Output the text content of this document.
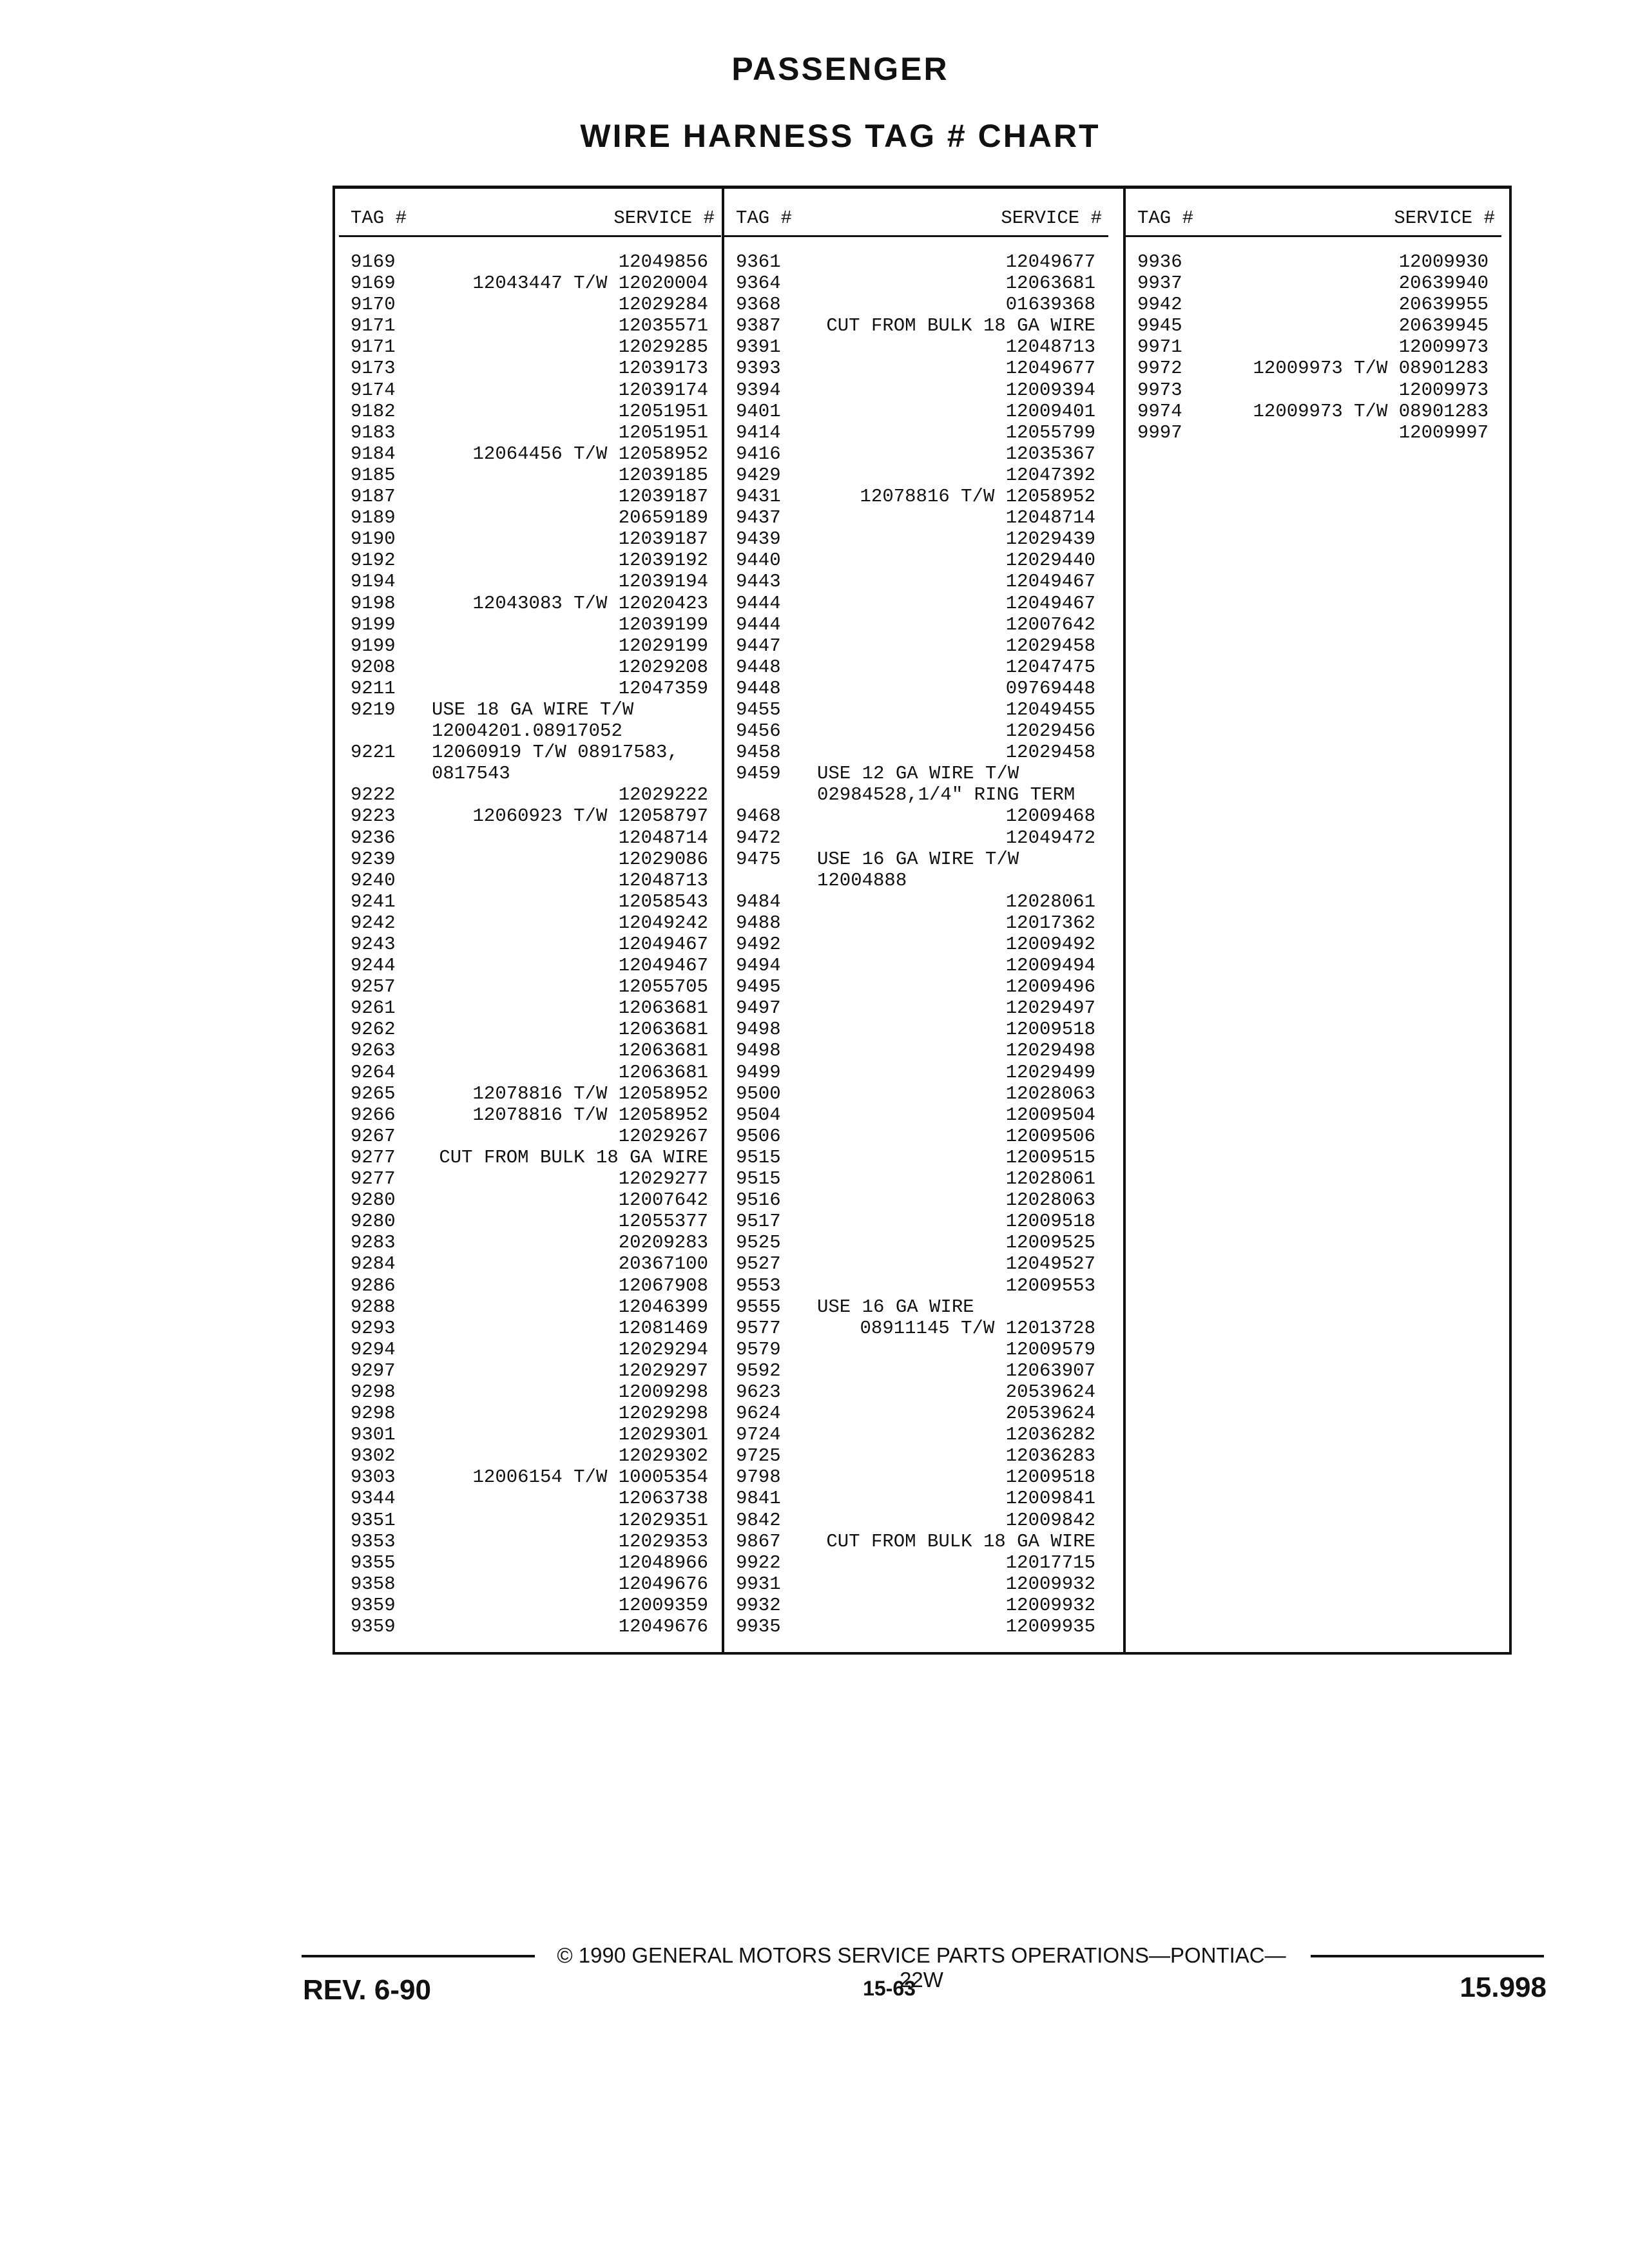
PASSENGER
WIRE HARNESS TAG # CHART
TAG #	SERVICE #
9169	12049856
9169	12043447 T/W 12020004
9170	12029284
9171	12035571
9171	12029285
9173	12039173
9174	12039174
9182	12051951
9183	12051951
9184	12064456 T/W 12058952
9185	12039185
9187	12039187
9189	20659189
9190	12039187
9192	12039192
9194	12039194
9198	12043083 T/W 12020423
9199	12039199
9199	12029199
9208	12029208
9211	12047359
9219 USE 18 GA WIRE T/W
12004201.08917052
9221 12060919 T/W 08917583,
0817543
9222	12029222
9223	12060923 T/W 12058797
9236	12048714
9239	12029086
9240	12048713
9241	12058543
9242	12049242
9243	12049467
9244	12049467
9257	12055705
9261	12063681
9262	12063681
9263	12063681
9264	12063681
9265	12078816 T/W 12058952
9266	12078816 T/W 12058952
9267	12029267
9277 CUT FROM BULK 18 GA WIRE
9277	12029277
9280	12007642
9280	12055377
9283	20209283
9284	20367100
9286	12067908
9288	12046399
9293	12081469
9294	12029294
9297	12029297
9298	12009298
9298	12029298
9301	12029301
9302	12029302
9303	12006154 T/W 10005354
9344	12063738
9351	12029351
9353	12029353
9355	12048966
9358	12049676
9359	12009359
9359	12049676
TAG #	SERVICE #
9361	12049677
9364	12063681
9368	01639368
9387 CUT FROM BULK 18 GA WIRE
9391	12048713
9393	12049677
9394	12009394
9401	12009401
9414	12055799
9416	12035367
9429	12047392
9431	12078816 T/W 12058952
9437	12048714
9439	12029439
9440	12029440
9443	12049467
9444	12049467
9444	12007642
9447	12029458
9448	12047475
9448	09769448
9455	12049455
9456	12029456
9458	12029458
9459 USE 12 GA WIRE T/W
02984528,1/4" RING TERM
9468	12009468
9472	12049472
9475 USE 16 GA WIRE T/W
12004888
9484	12028061
9488	12017362
9492	12009492
9494	12009494
9495	12009496
9497	12029497
9498	12009518
9498	12029498
9499	12029499
9500	12028063
9504	12009504
9506	12009506
9515	12009515
9515	12028061
9516	12028063
9517	12009518
9525	12009525
9527	12049527
9553	12009553
9555 USE 16 GA WIRE
9577	08911145 T/W 12013728
9579	12009579
9592	12063907
9623	20539624
9624	20539624
9724	12036282
9725	12036283
9798	12009518
9841	12009841
9842	12009842
9867 CUT FROM BULK 18 GA WIRE
9922	12017715
9931	12009932
9932	12009932
9935	12009935
TAG #	SERVICE #
9936	12009930
9937	20639940
9942	20639955
9945	20639945
9971	12009973
9972	12009973 T/W 08901283
9973	12009973
9974	12009973 T/W 08901283
9997	12009997
© 1990 GENERAL MOTORS SERVICE PARTS OPERATIONS—PONTIAC—22W
REV. 6-90	15-63	15.998
